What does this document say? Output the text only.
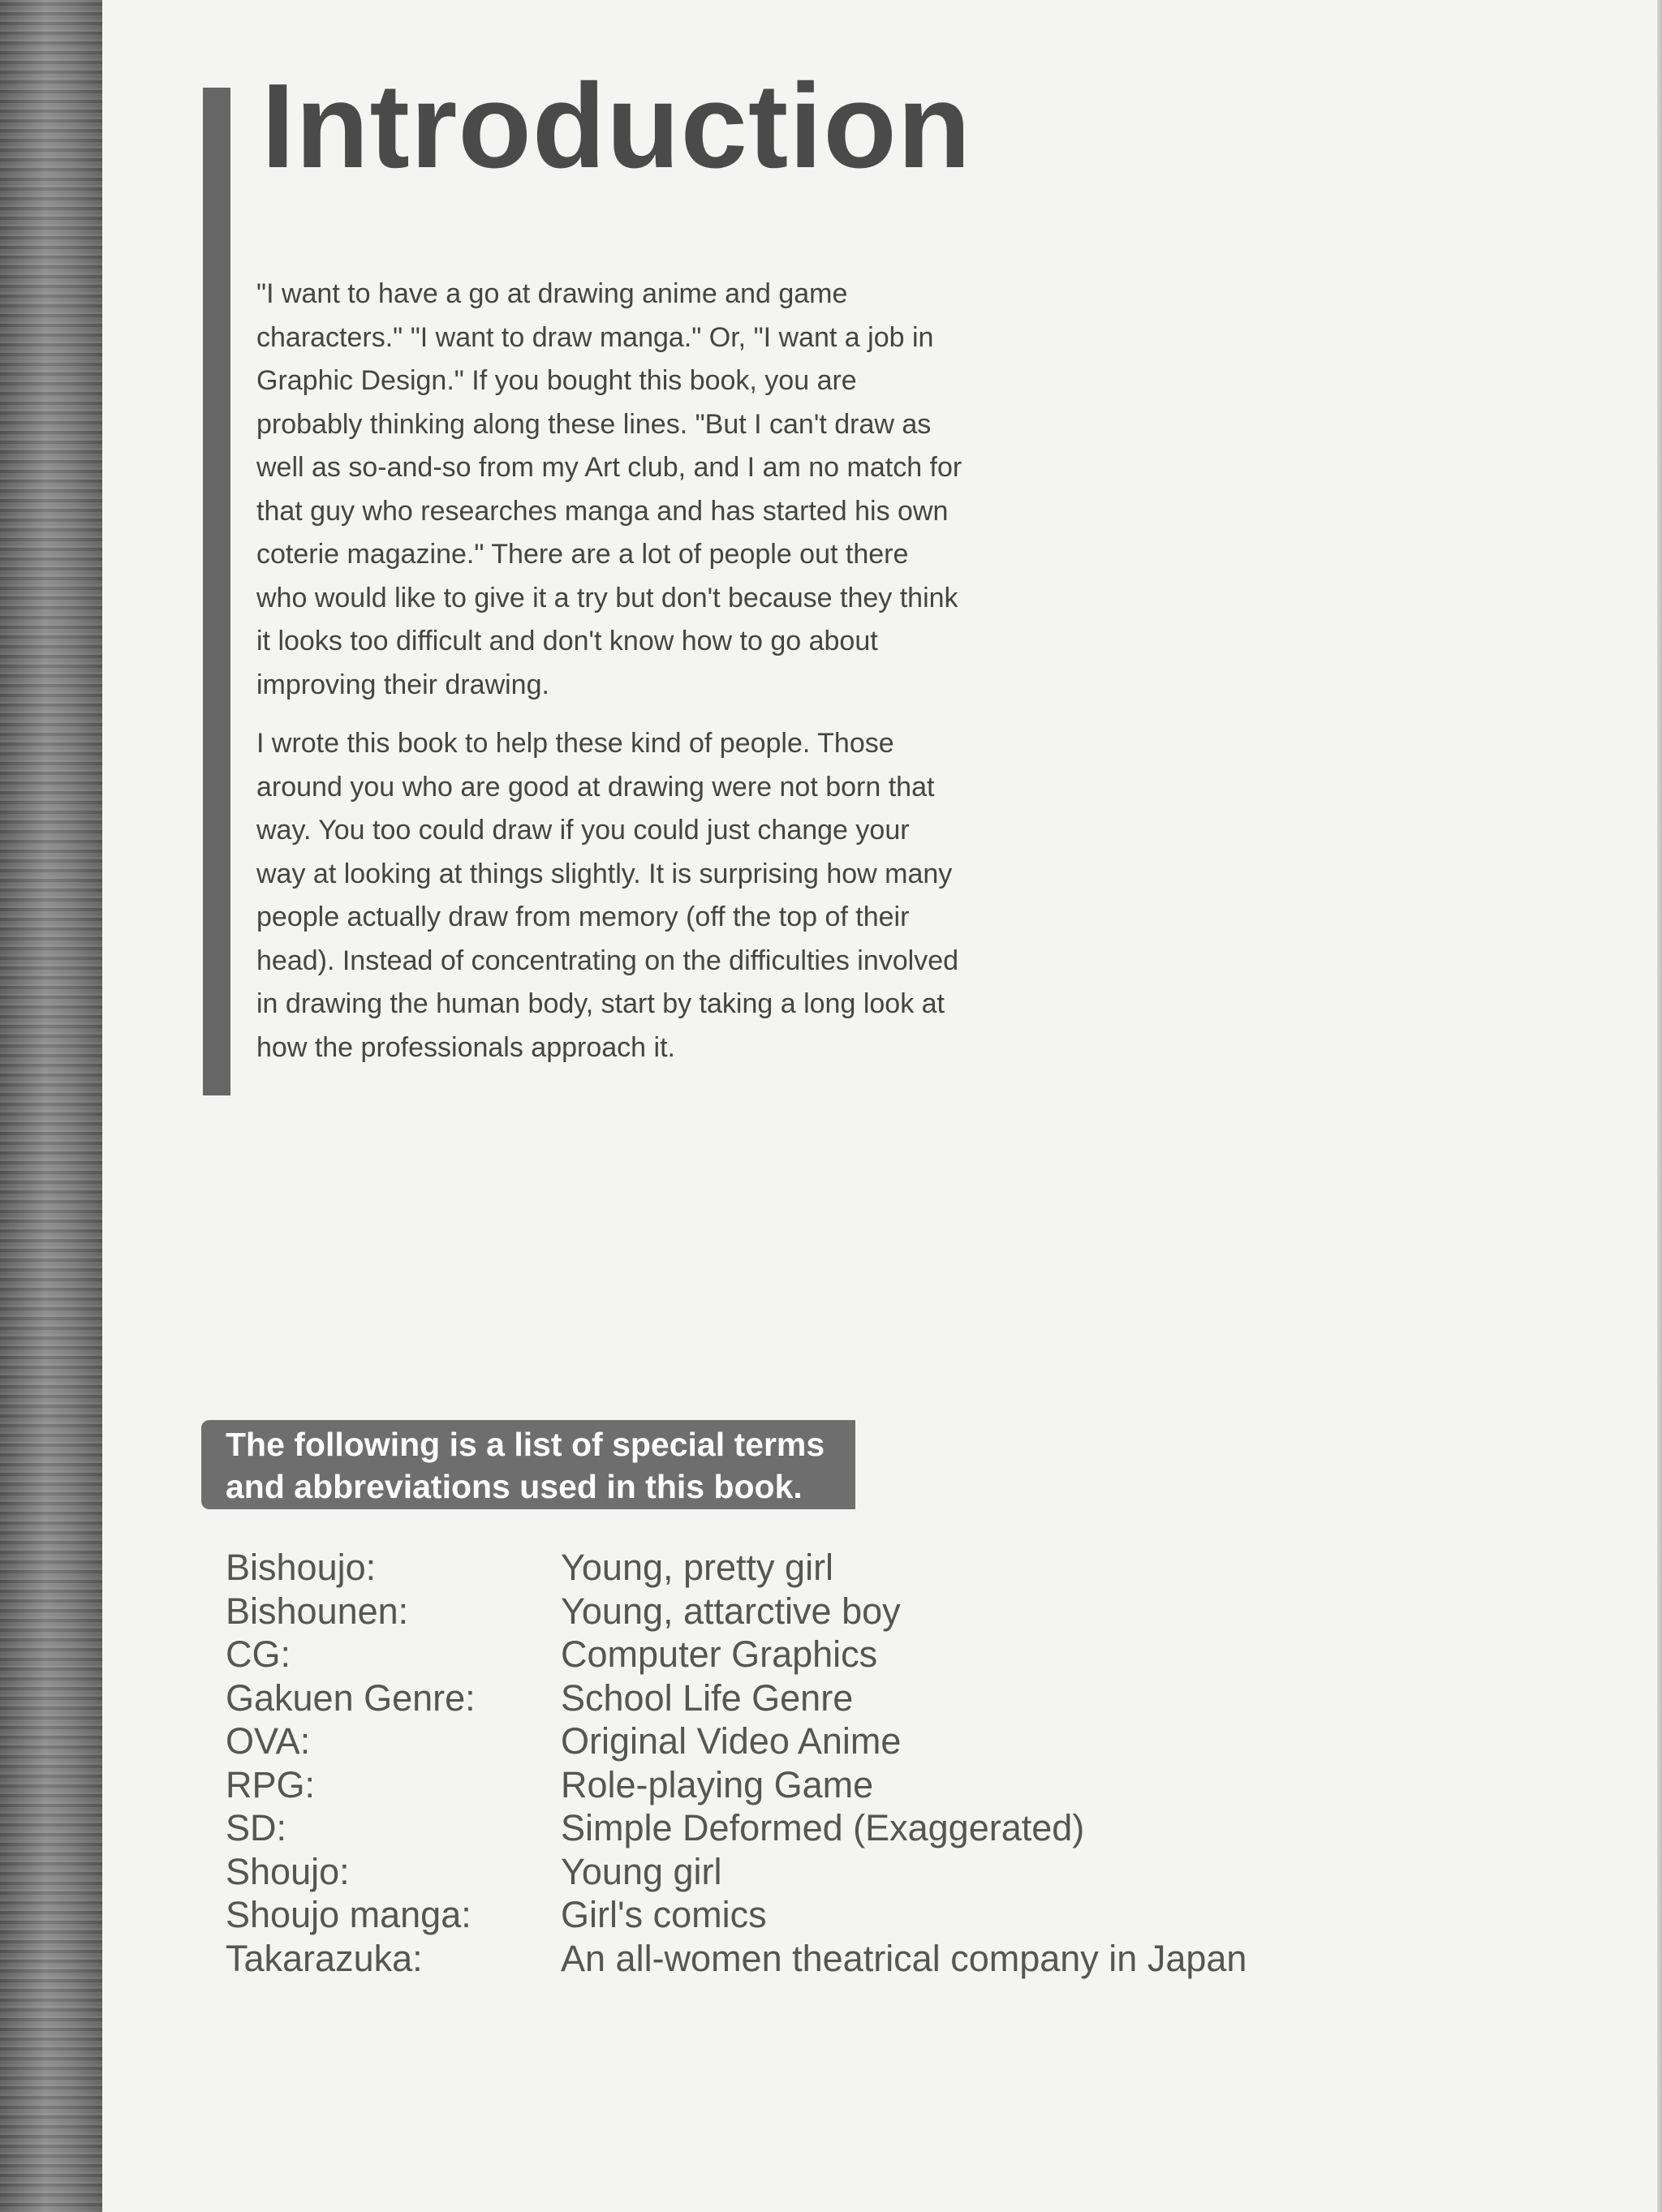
Introduction

"I want to have a go at drawing anime and game
characters." "I want to draw manga." Or, "I want a job in
Graphic Design." If you bought this book, you are
probably thinking along these lines. "But I can't draw as
well as so-and-so from my Art club, and I am no match for
that guy who researches manga and has started his own
coterie magazine." There are a lot of people out there
who would like to give it a try but don't because they think
it looks too difficult and don't know how to go about
improving their drawing.

I wrote this book to help these kind of people. Those
around you who are good at drawing were not born that
way. You too could draw if you could just change your
way at looking at things slightly. It is surprising how many
people actually draw from memory (off the top of their
head). Instead of concentrating on the difficulties involved
in drawing the human body, start by taking a long look at
how the professionals approach it.

The following is a list of special terms
and abbreviations used in this book.
Bishoujo:	Young, pretty girl
Bishounen:	Young, attarctive boy
CG:	Computer Graphics
Gakuen Genre:	School Life Genre
OVA:	Original Video Anime
RPG:	Role-playing Game
SD:	Simple Deformed (Exaggerated)
Shoujo:	Young girl
Shoujo manga:	Girl's comics
Takarazuka:	An all-women theatrical company in Japan
